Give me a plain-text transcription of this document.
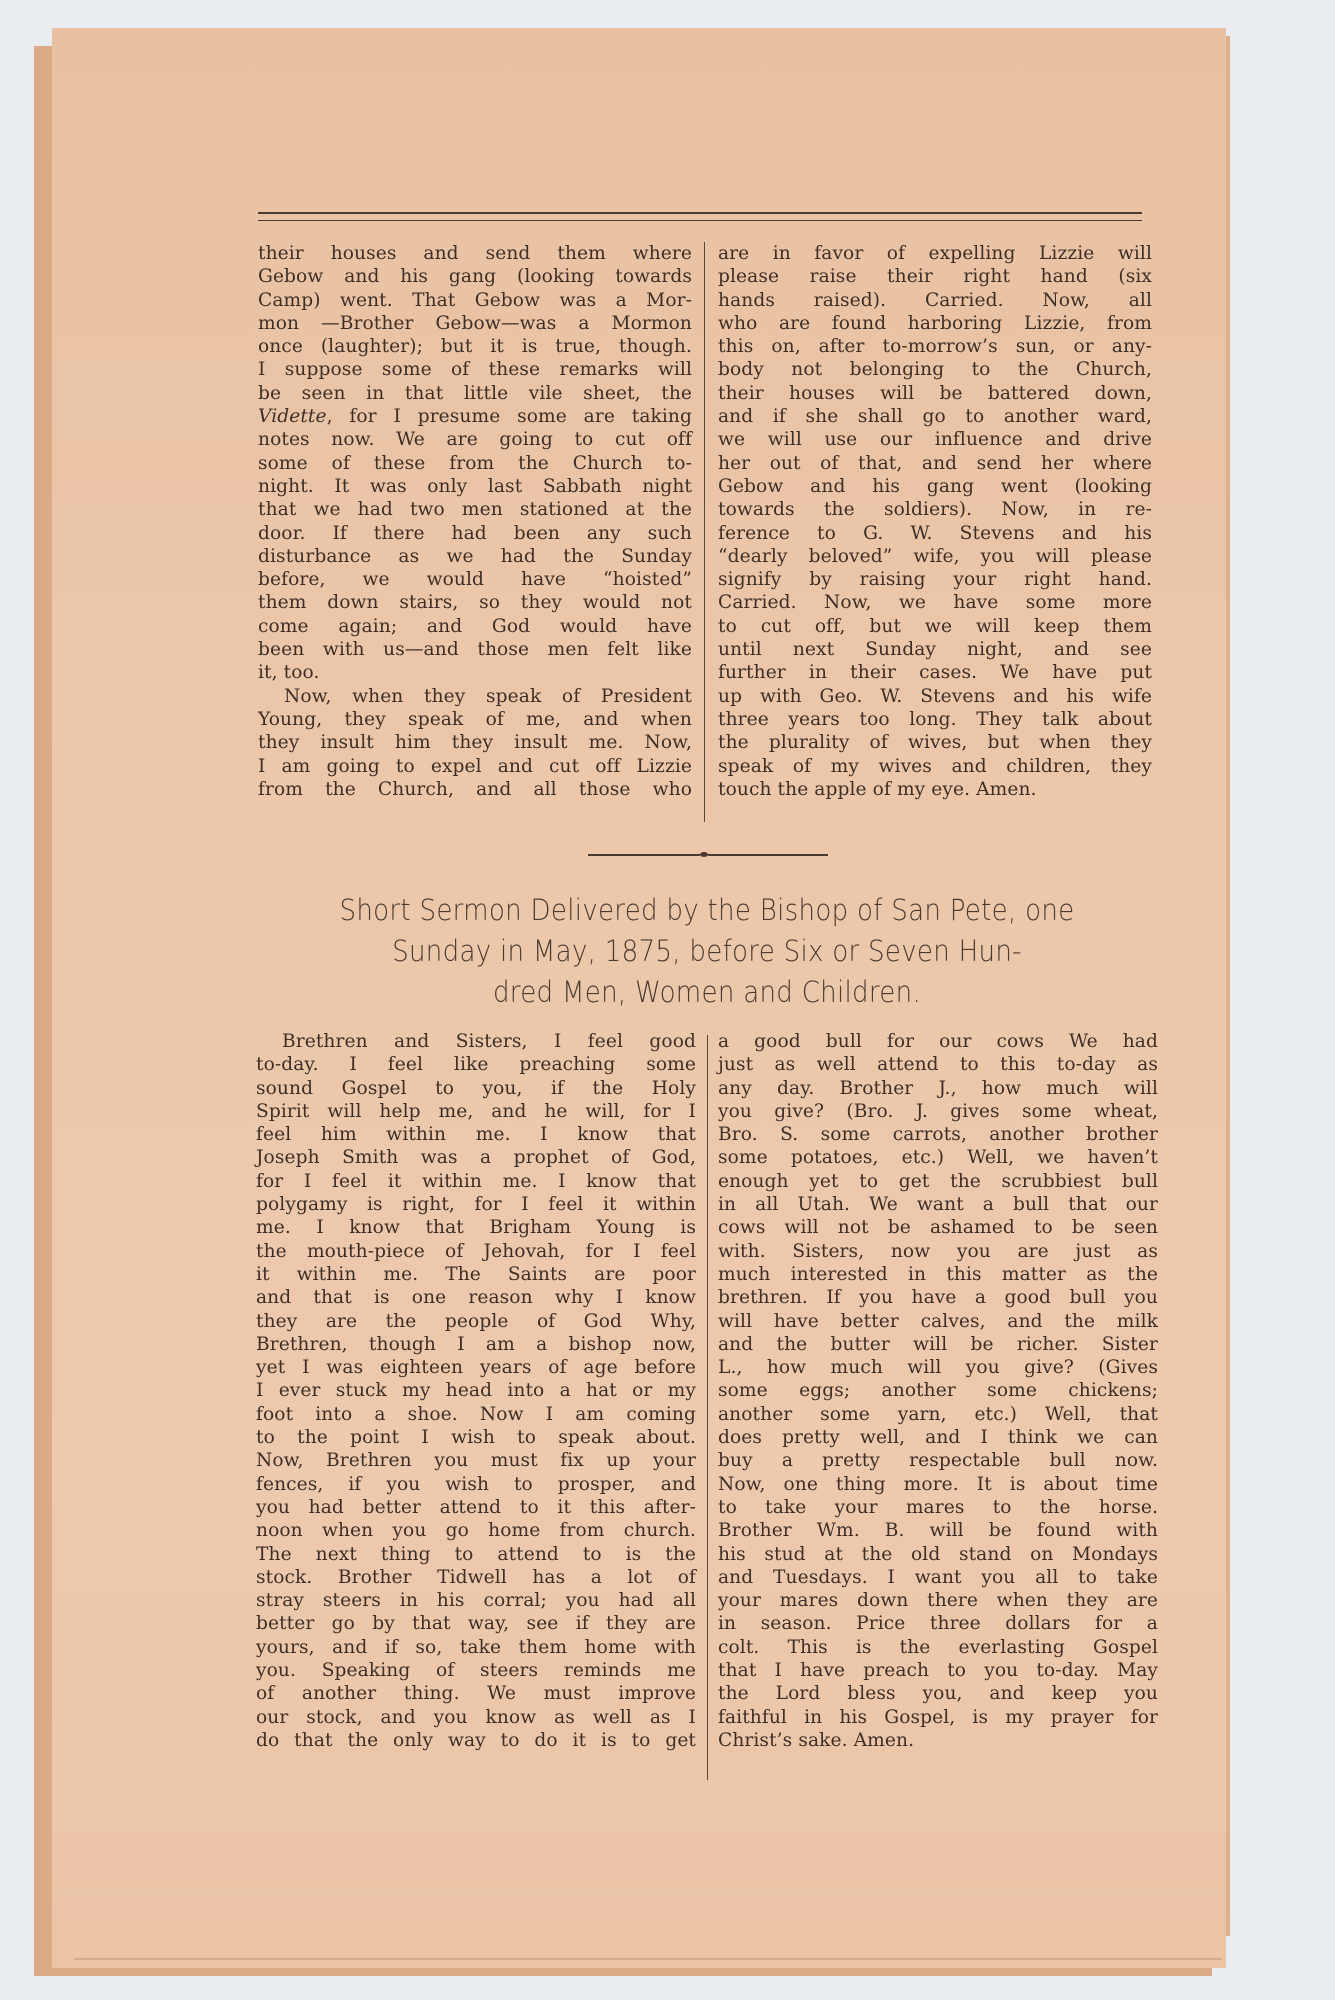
their houses and send them where
Gebow and his gang (looking towards
Camp) went. That Gebow was a Mor-
mon —Brother Gebow—was a Mormon
once (laughter); but it is true, though.
I suppose some of these remarks will
be seen in that little vile sheet, the
Vidette, for I presume some are taking
notes now. We are going to cut off
some of these from the Church to-
night. It was only last Sabbath night
that we had two men stationed at the
door. If there had been any such
disturbance as we had the Sunday
before, we would have “hoisted”
them down stairs, so they would not
come again; and God would have
been with us—and those men felt like
it, too.
Now, when they speak of President
Young, they speak of me, and when
they insult him they insult me. Now,
I am going to expel and cut off Lizzie
from the Church, and all those who
are in favor of expelling Lizzie will
please raise their right hand (six
hands raised). Carried. Now, all
who are found harboring Lizzie, from
this on, after to-morrow’s sun, or any-
body not belonging to the Church,
their houses will be battered down,
and if she shall go to another ward,
we will use our influence and drive
her out of that, and send her where
Gebow and his gang went (looking
towards the soldiers). Now, in re-
ference to G. W. Stevens and his
“dearly beloved” wife, you will please
signify by raising your right hand.
Carried. Now, we have some more
to cut off, but we will keep them
until next Sunday night, and see
further in their cases. We have put
up with Geo. W. Stevens and his wife
three years too long. They talk about
the plurality of wives, but when they
speak of my wives and children, they
touch the apple of my eye. Amen.
Short Sermon Delivered by the Bishop of San Pete, one
Sunday in May, 1875, before Six or Seven Hun-
dred Men, Women and Children.
Brethren and Sisters, I feel good
to-day. I feel like preaching some
sound Gospel to you, if the Holy
Spirit will help me, and he will, for I
feel him within me. I know that
Joseph Smith was a prophet of God,
for I feel it within me. I know that
polygamy is right, for I feel it within
me. I know that Brigham Young is
the mouth-piece of Jehovah, for I feel
it within me. The Saints are poor
and that is one reason why I know
they are the people of God Why,
Brethren, though I am a bishop now,
yet I was eighteen years of age before
I ever stuck my head into a hat or my
foot into a shoe. Now I am coming
to the point I wish to speak about.
Now, Brethren you must fix up your
fences, if you wish to prosper, and
you had better attend to it this after-
noon when you go home from church.
The next thing to attend to is the
stock. Brother Tidwell has a lot of
stray steers in his corral; you had all
better go by that way, see if they are
yours, and if so, take them home with
you. Speaking of steers reminds me
of another thing. We must improve
our stock, and you know as well as I
do that the only way to do it is to get
a good bull for our cows We had
just as well attend to this to-day as
any day. Brother J., how much will
you give? (Bro. J. gives some wheat,
Bro. S. some carrots, another brother
some potatoes, etc.) Well, we haven’t
enough yet to get the scrubbiest bull
in all Utah. We want a bull that our
cows will not be ashamed to be seen
with. Sisters, now you are just as
much interested in this matter as the
brethren. If you have a good bull you
will have better calves, and the milk
and the butter will be richer. Sister
L., how much will you give? (Gives
some eggs; another some chickens;
another some yarn, etc.) Well, that
does pretty well, and I think we can
buy a pretty respectable bull now.
Now, one thing more. It is about time
to take your mares to the horse.
Brother Wm. B. will be found with
his stud at the old stand on Mondays
and Tuesdays. I want you all to take
your mares down there when they are
in season. Price three dollars for a
colt. This is the everlasting Gospel
that I have preach to you to-day. May
the Lord bless you, and keep you
faithful in his Gospel, is my prayer for
Christ’s sake. Amen.
